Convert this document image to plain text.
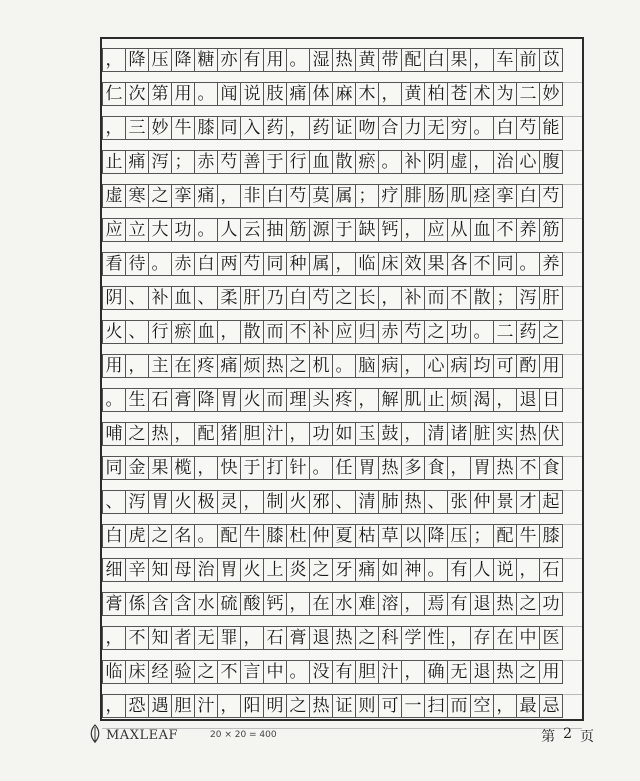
， 降 压 降 糖 亦 有 用 。 湿 热 黄 带 配 白 果 ， 车 前 苡
仁 次 第 用 。 闻 说 肢 痛 体 麻 木 ， 黄 柏 苍 术 为 二 妙
， 三 妙 牛 膝 同 入 药 ， 药 证 吻 合 力 无 穷 。 白 芍 能
止 痛 泻 ； 赤 芍 善 于 行 血 散 瘀 。 补 阴 虚 ， 治 心 腹
虚 寒 之 挛 痛 ， 非 白 芍 莫 属 ； 疗 腓 肠 肌 痉 挛 白 芍
应 立 大 功 。 人 云 抽 筋 源 于 缺 钙 ， 应 从 血 不 养 筋
看 待 。 赤 白 两 芍 同 种 属 ， 临 床 效 果 各 不 同 。 养
阴 、 补 血 、 柔 肝 乃 白 芍 之 长 ， 补 而 不 散 ； 泻 肝
火 、 行 瘀 血 ， 散 而 不 补 应 归 赤 芍 之 功 。 二 药 之
用 ， 主 在 疼 痛 烦 热 之 机 。 脑 病 ， 心 病 均 可 酌 用
。 生 石 膏 降 胃 火 而 理 头 疼 ， 解 肌 止 烦 渴 ， 退 日
哺 之 热 ， 配 猪 胆 汁 ， 功 如 玉 鼓 ， 清 诸 脏 实 热 伏
同 金 果 榄 ， 快 于 打 针 。 任 胃 热 多 食 ， 胃 热 不 食
、 泻 胃 火 极 灵 ， 制 火 邪 、 清 肺 热 、 张 仲 景 才 起
白 虎 之 名 。 配 牛 膝 杜 仲 夏 枯 草 以 降 压 ； 配 牛 膝
细 辛 知 母 治 胃 火 上 炎 之 牙 痛 如 神 。 有 人 说 ， 石
膏 係 含 含 水 硫 酸 钙 ， 在 水 难 溶 ， 焉 有 退 热 之 功
， 不 知 者 无 罪 ， 石 膏 退 热 之 科 学 性 ， 存 在 中 医
临 床 经 验 之 不 言 中 。 没 有 胆 汁 ， 确 无 退 热 之 用
， 恐 遇 胆 汁 ， 阳 明 之 热 证 则 可 一 扫 而 空 ， 最 忌
MAXLEAF	20 × 20 = 400	第 2 页
